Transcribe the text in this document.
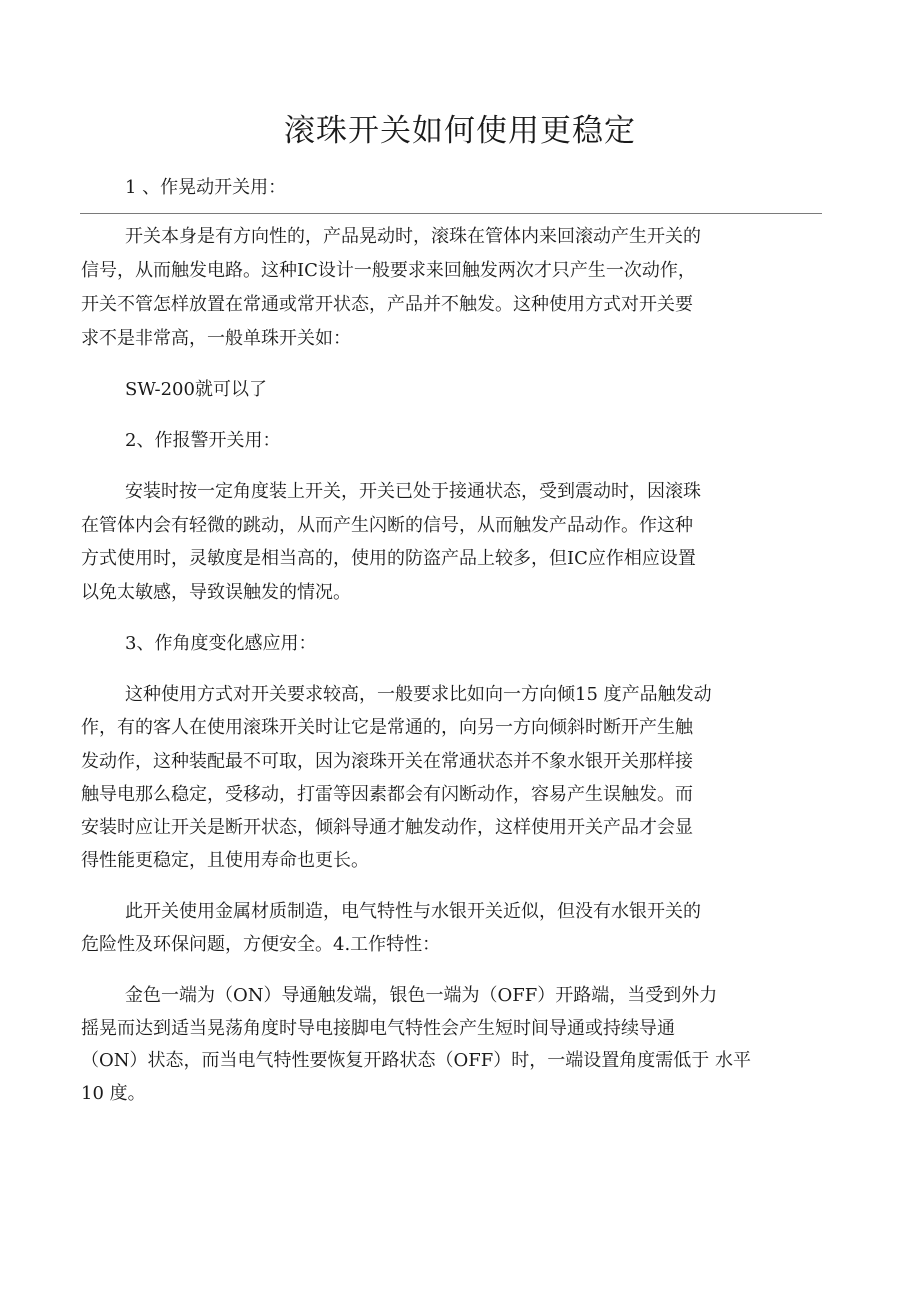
滚珠开关如何使用更稳定
1 、作晃动开关用：
开关本身是有方向性的，产品晃动时，滚珠在管体内来回滚动产生开关的
信号，从而触发电路。这种IC设计一般要求来回触发两次才只产生一次动作，
开关不管怎样放置在常通或常开状态，产品并不触发。这种使用方式对开关要
求不是非常高，一般单珠开关如：
SW-200就可以了
2、作报警开关用：
安装时按一定角度装上开关，开关已处于接通状态，受到震动时，因滚珠
在管体内会有轻微的跳动，从而产生闪断的信号，从而触发产品动作。作这种
方式使用时，灵敏度是相当高的，使用的防盗产品上较多，但IC应作相应设置
以免太敏感，导致误触发的情况。
3、作角度变化感应用：
这种使用方式对开关要求较高，一般要求比如向一方向倾15 度产品触发动
作，有的客人在使用滚珠开关时让它是常通的，向另一方向倾斜时断开产生触
发动作，这种装配最不可取，因为滚珠开关在常通状态并不象水银开关那样接
触导电那么稳定，受移动，打雷等因素都会有闪断动作，容易产生误触发。而
安装时应让开关是断开状态，倾斜导通才触发动作，这样使用开关产品才会显
得性能更稳定，且使用寿命也更长。
此开关使用金属材质制造，电气特性与水银开关近似，但没有水银开关的
危险性及环保问题，方便安全。4.工作特性：
金色一端为（ON）导通触发端，银色一端为（OFF）开路端，当受到外力
摇晃而达到适当晃荡角度时导电接脚电气特性会产生短时间导通或持续导通
（ON）状态，而当电气特性要恢复开路状态（OFF）时，一端设置角度需低于 水平
10 度。
